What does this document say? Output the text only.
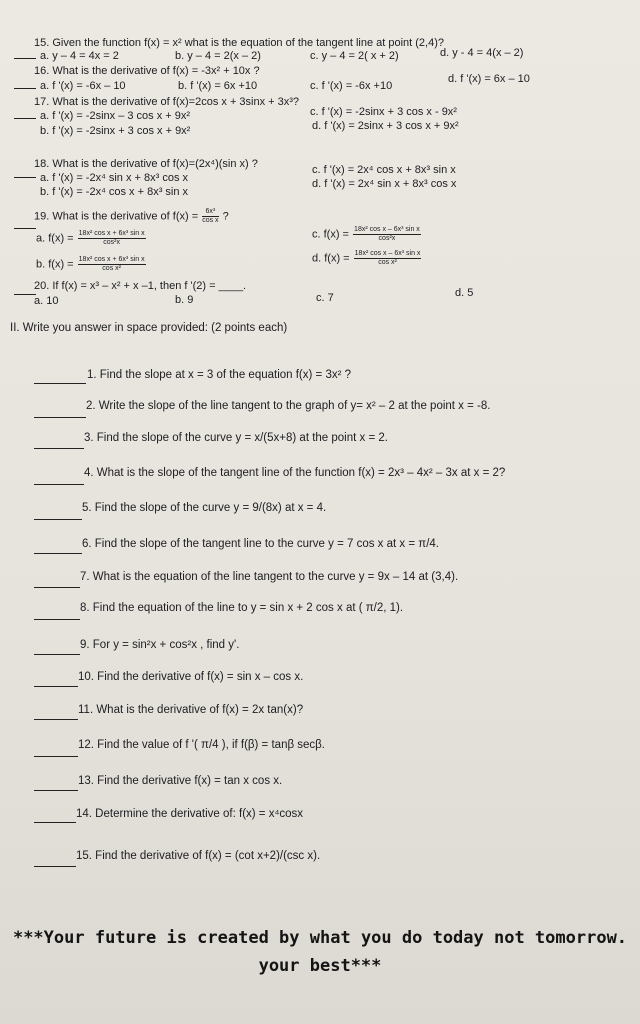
15. Given the function f(x) = x² what is the equation of the tangent line at point (2,4)?
a. y – 4 = 4x = 2	b. y – 4 = 2(x – 2)	c. y – 4 = 2( x + 2)	d. y - 4 = 4(x – 2)
16. What is the derivative of f(x) = -3x² + 10x ?
a. f '(x) = -6x – 10	b. f '(x) = 6x +10	c. f '(x) = -6x +10
d. f '(x) = 6x – 10
17. What is the derivative of f(x)=2cos x + 3sinx + 3x³?
a. f '(x) = -2sinx – 3 cos x + 9x²	c. f '(x) = -2sinx + 3 cos x - 9x²
b. f '(x) = -2sinx + 3 cos x + 9x²	d. f '(x) = 2sinx + 3 cos x + 9x²
18. What is the derivative of f(x)=(2x⁴)(sin x) ?
a. f '(x) = -2x⁴ sin x + 8x³ cos x
c. f '(x) = 2x⁴ cos x + 8x³ sin x
b. f '(x) = -2x⁴ cos x + 8x³ sin x
d. f '(x) = 2x⁴ sin x + 8x³ cos x
19. What is the derivative of $f(x) = \frac{\text{6x³}}{\text{cos x}}$ ?
a. $f(x) = \frac{\text{18x² cos x + 6x³ sin x}}{\text{cos²x}}$	c. $f(x) = \frac{\text{18x² cos x – 6x³ sin x}}{\text{cos²x}}$
b. $f(x) = \frac{\text{18x² cos x + 6x³ sin x}}{\text{cos x²}}$	d. $f(x) = \frac{\text{18x² cos x – 6x³ sin x}}{\text{cos x²}}$
20. If f(x) = x³ – x² + x –1, then f '(2) = ____.
a. 10	b. 9	c. 7	d. 5
II. Write you answer in space provided: (2 points each)
1. Find the slope at x = 3 of the equation f(x) = 3x² ?
2. Write the slope of the line tangent to the graph of y= x² – 2 at the point x = -8.
3. Find the slope of the curve y = x/(5x+8) at the point x = 2.
4. What is the slope of the tangent line of the function f(x) = 2x³ – 4x² – 3x at x = 2?
5. Find the slope of the curve y = 9/(8x) at x = 4.
6. Find the slope of the tangent line to the curve y = 7 cos x at x = π/4.
7. What is the equation of the line tangent to the curve y = 9x – 14 at (3,4).
8. Find the equation of the line to y = sin x + 2 cos x at ( π/2, 1).
9. For y = sin²x + cos²x , find y'.
10. Find the derivative of f(x) = sin x – cos x.
11. What is the derivative of f(x) = 2x tan(x)?
12. Find the value of f '( π/4 ), if f(β) = tanβ secβ.
13. Find the derivative f(x) = tan x cos x.
14. Determine the derivative of: f(x) = x⁴cosx
15. Find the derivative of f(x) = (cot x+2)/(csc x).
***Your future is created by what you do today not tomorrow.
your best***
